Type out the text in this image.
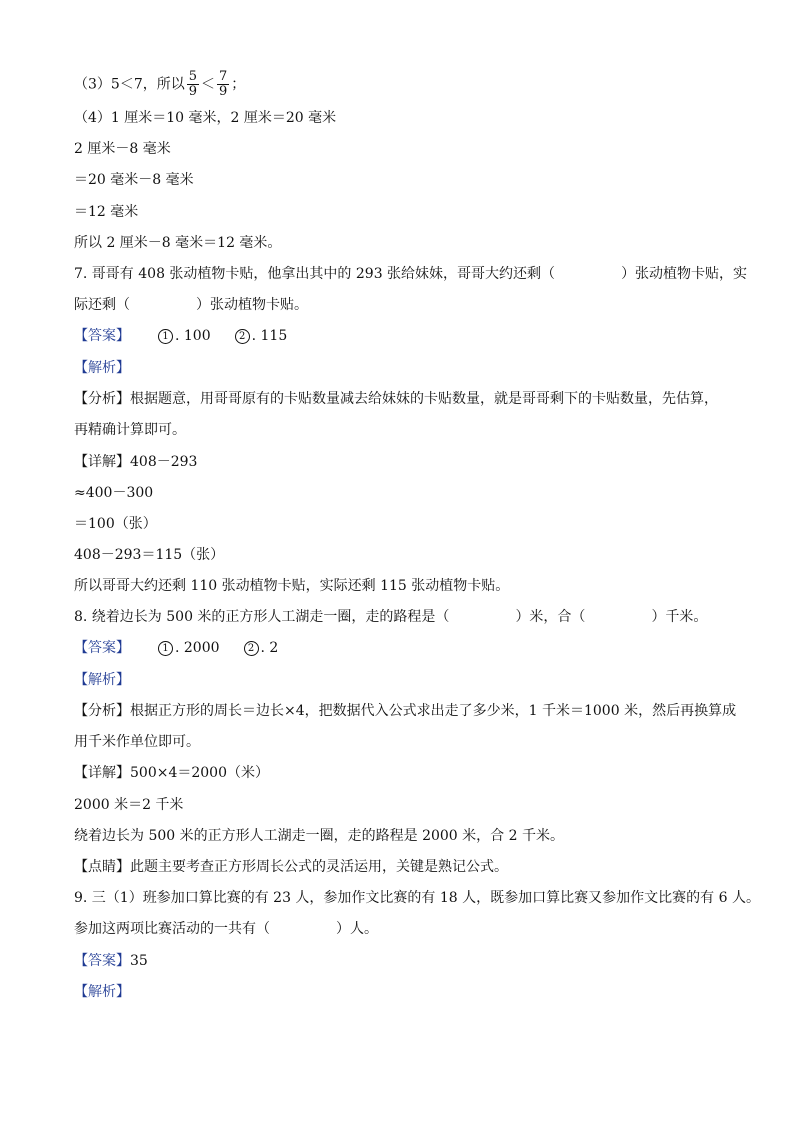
（3）5＜7，所以 $\frac{5}{9} < \frac{7}{9}$ ；
（4）1 厘米＝10 毫米，2 厘米＝20 毫米
2 厘米－8 毫米
＝20 毫米－8 毫米
＝12 毫米
所以 2 厘米－8 毫米＝12 毫米。
7. 哥哥有 408 张动植物卡贴，他拿出其中的 293 张给妹妹，哥哥大约还剩（	）张动植物卡贴，实
际还剩（	）张动植物卡贴。
【答案】	1 . 100	2 . 115
【解析】
【分析】根据题意，用哥哥原有的卡贴数量减去给妹妹的卡贴数量，就是哥哥剩下的卡贴数量，先估算，
再精确计算即可。
【详解】408－293
≈400－300
＝100（张）
408－293＝115（张）
所以哥哥大约还剩 110 张动植物卡贴，实际还剩 115 张动植物卡贴。
8. 绕着边长为 500 米的正方形人工湖走一圈，走的路程是（	）米，合（	）千米。
【答案】	1 . 2000	2 . 2
【解析】
【分析】根据正方形的周长＝边长×4，把数据代入公式求出走了多少米，1 千米＝1000 米，然后再换算成
用千米作单位即可。
【详解】500×4＝2000（米）
2000 米＝2 千米
绕着边长为 500 米的正方形人工湖走一圈，走的路程是 2000 米，合 2 千米。
【点睛】此题主要考查正方形周长公式的灵活运用，关键是熟记公式。
9. 三（1）班参加口算比赛的有 23 人，参加作文比赛的有 18 人，既参加口算比赛又参加作文比赛的有 6 人。
参加这两项比赛活动的一共有（	）人。
【答案】35
【解析】
